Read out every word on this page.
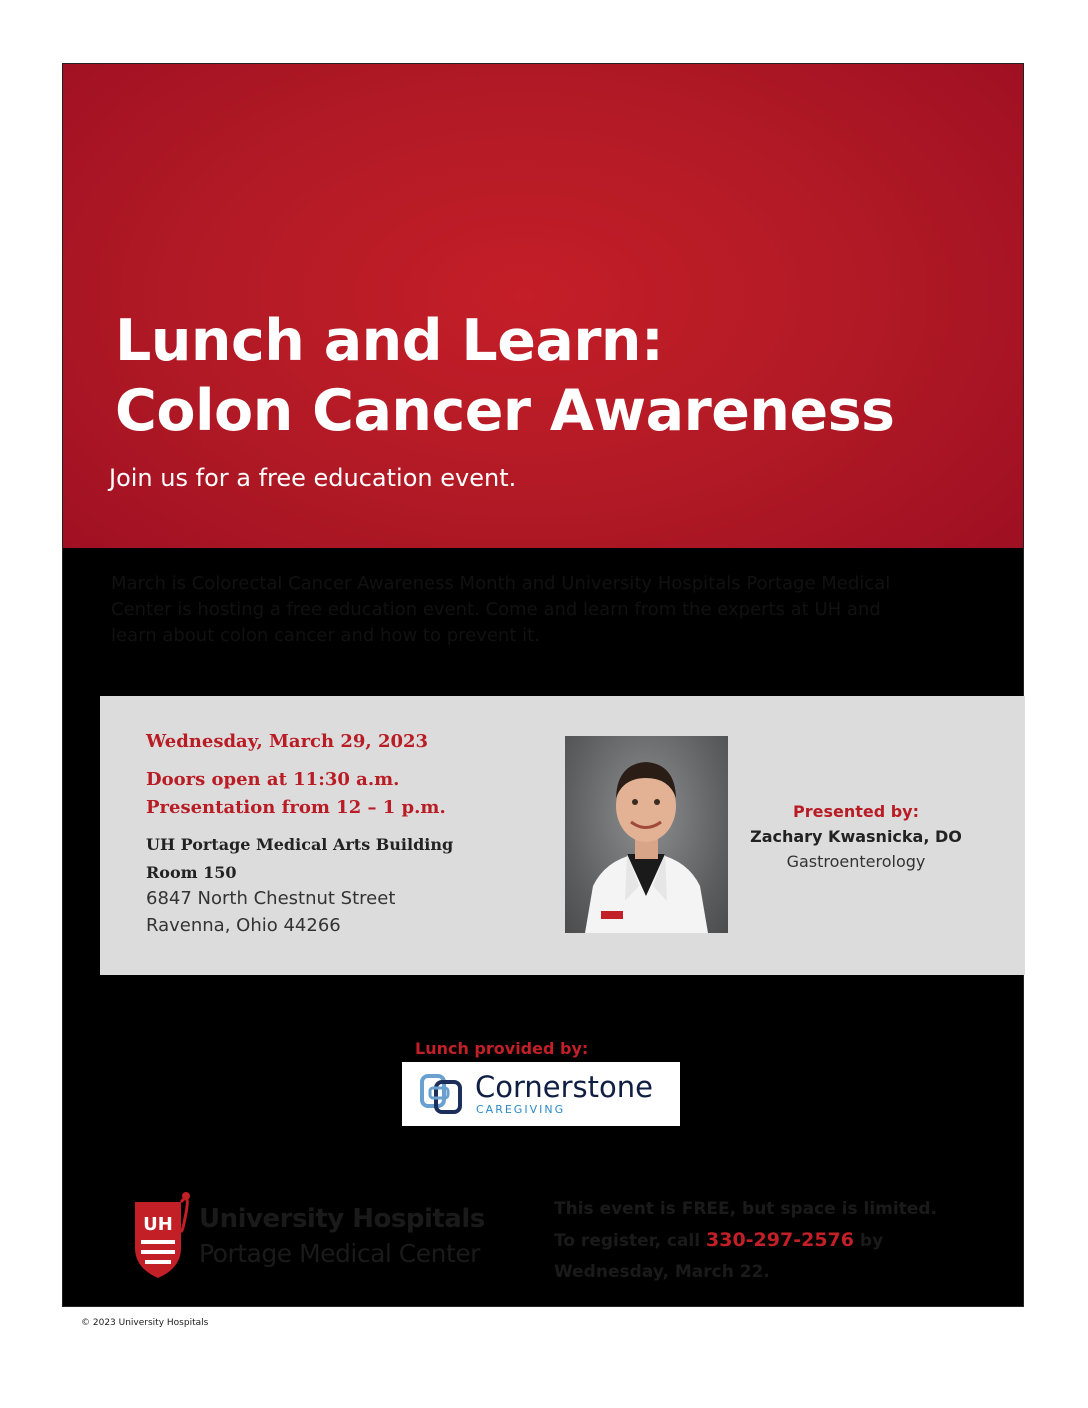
Lunch and Learn:
Colon Cancer Awareness

Join us for a free education event.

March is Colorectal Cancer Awareness Month and University Hospitals Portage Medical
Center is hosting a free education event. Come and learn from the experts at UH and
learn about colon cancer and how to prevent it.

Wednesday, March 29, 2023

Doors open at 11:30 a.m.
Presentation from 12 – 1 p.m.

UH Portage Medical Arts Building
Room 150

6847 North Chestnut Street
Ravenna, Ohio 44266

Presented by:

Zachary Kwasnicka, DO

Gastroenterology

Lunch provided by:

Cornerstone

CAREGIVING

UH University Hospitals

Portage Medical Center

This event is FREE, but space is limited.
To register, call 330-297-2576 by
Wednesday, March 22.

© 2023 University Hospitals
